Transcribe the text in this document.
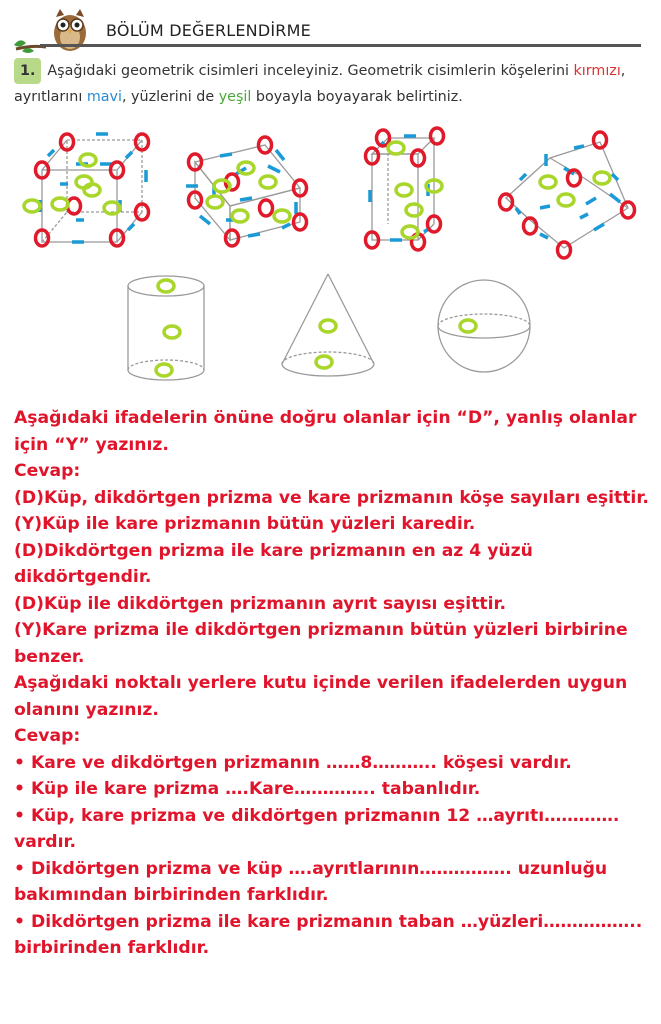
BÖLÜM DEĞERLENDİRME
1. Aşağıdaki geometrik cisimleri inceleyiniz. Geometrik cisimlerin köşelerini kırmızı,
ayrıtlarını mavi, yüzlerini de yeşil boyayla boyayarak belirtiniz.

Aşağıdaki ifadelerin önüne doğru olanlar için “D”, yanlış olanlar için “Y” yazınız.

Cevap:

(D)Küp, dikdörtgen prizma ve kare prizmanın köşe sayıları eşittir.

(Y)Küp ile kare prizmanın bütün yüzleri karedir.

(D)Dikdörtgen prizma ile kare prizmanın en az 4 yüzü dikdörtgendir.

(D)Küp ile dikdörtgen prizmanın ayrıt sayısı eşittir.

(Y)Kare prizma ile dikdörtgen prizmanın bütün yüzleri birbirine benzer.

Aşağıdaki noktalı yerlere kutu içinde verilen ifadelerden uygun olanını yazınız.

Cevap:

• Kare ve dikdörtgen prizmanın ……8……….. köşesi vardır.

• Küp ile kare prizma ….Kare………….. tabanlıdır.

• Küp, kare prizma ve dikdörtgen prizmanın 12 …ayrıtı…………. vardır.

• Dikdörtgen prizma ve küp ….ayrıtlarının……………. uzunluğu bakımından birbirinden farklıdır.

• Dikdörtgen prizma ile kare prizmanın taban …yüzleri…………….. birbirinden farklıdır.
